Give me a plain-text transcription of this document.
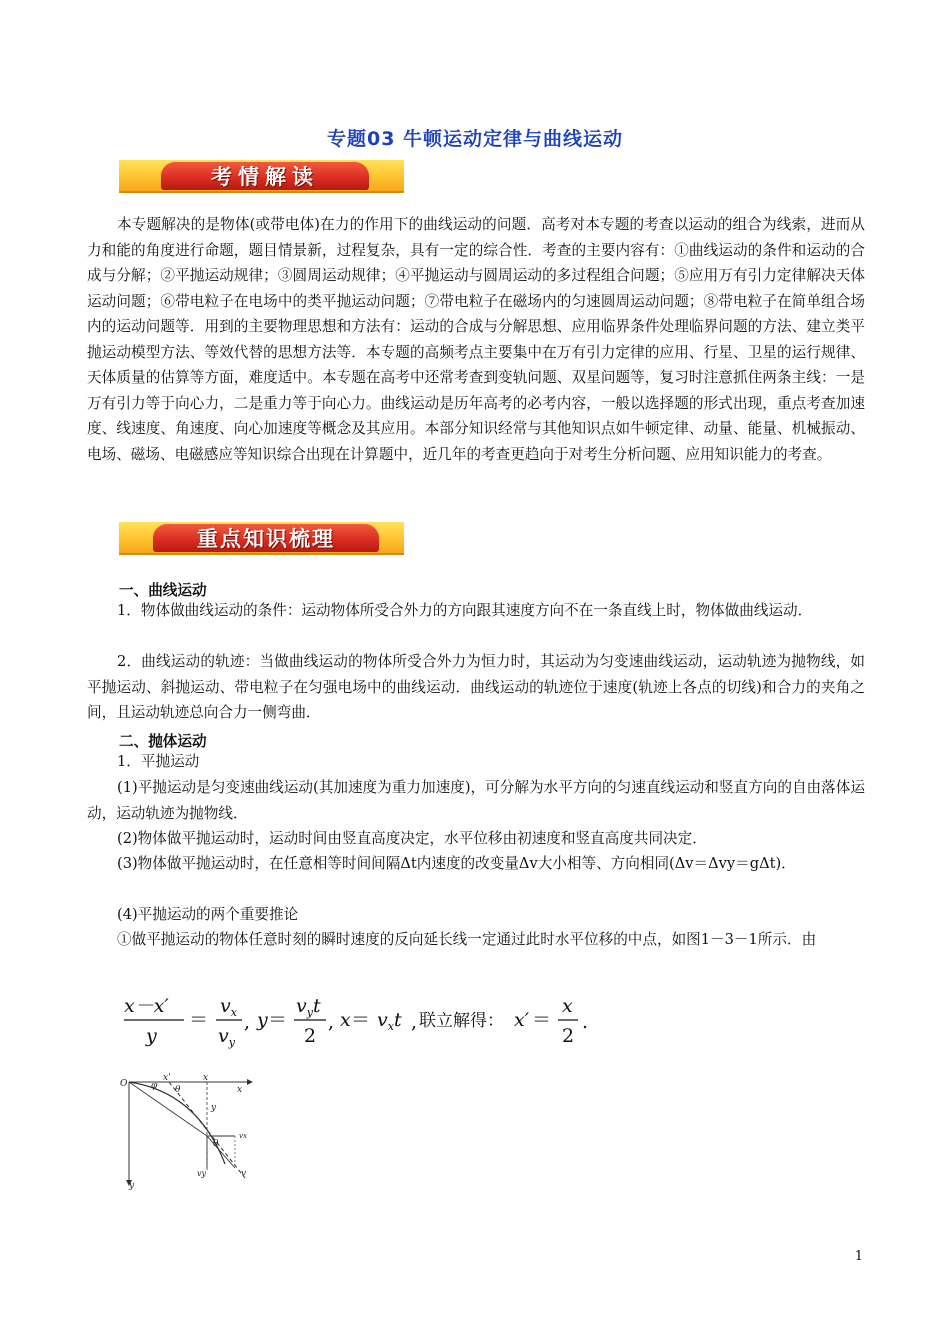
专题03 牛顿运动定律与曲线运动
考情解读

本专题解决的是物体(或带电体)在力的作用下的曲线运动的问题．高考对本专题的考查以运动的组合为线索，进而从力和能的角度进行命题，题目情景新，过程复杂，具有一定的综合性．考查的主要内容有：①曲线运动的条件和运动的合成与分解；②平抛运动规律；③圆周运动规律；④平抛运动与圆周运动的多过程组合问题；⑤应用万有引力定律解决天体运动问题；⑥带电粒子在电场中的类平抛运动问题；⑦带电粒子在磁场内的匀速圆周运动问题；⑧带电粒子在简单组合场内的运动问题等．用到的主要物理思想和方法有：运动的合成与分解思想、应用临界条件处理临界问题的方法、建立类平抛运动模型方法、等效代替的思想方法等．本专题的高频考点主要集中在万有引力定律的应用、行星、卫星的运行规律、天体质量的估算等方面，难度适中。本专题在高考中还常考查到变轨问题、双星问题等，复习时注意抓住两条主线：一是万有引力等于向心力，二是重力等于向心力。曲线运动是历年高考的必考内容，一般以选择题的形式出现，重点考查加速度、线速度、角速度、向心加速度等概念及其应用。本部分知识经常与其他知识点如牛顿定律、动量、能量、机械振动、电场、磁场、电磁感应等知识综合出现在计算题中，近几年的考查更趋向于对考生分析问题、应用知识能力的考查。

重点知识梳理
一、曲线运动

1．物体做曲线运动的条件：运动物体所受合外力的方向跟其速度方向不在一条直线上时，物体做曲线运动．

2．曲线运动的轨迹：当做曲线运动的物体所受合外力为恒力时，其运动为匀变速曲线运动，运动轨迹为抛物线，如平抛运动、斜抛运动、带电粒子在匀强电场中的曲线运动．曲线运动的轨迹位于速度(轨迹上各点的切线)和合力的夹角之间，且运动轨迹总向合力一侧弯曲．

二、抛体运动
1．平抛运动

(1)平抛运动是匀变速曲线运动(其加速度为重力加速度)，可分解为水平方向的匀速直线运动和竖直方向的自由落体运动，运动轨迹为抛物线．

(2)物体做平抛运动时，运动时间由竖直高度决定，水平位移由初速度和竖直高度共同决定．

(3)物体做平抛运动时，在任意相等时间间隔Δt内速度的改变量Δv大小相等、方向相同(Δv＝Δvy＝gΔt)．

(4)平抛运动的两个重要推论

①做平抛运动的物体任意时刻的瞬时速度的反向延长线一定通过此时水平位移的中点，如图1－3－1所示．由

x－x′
y
＝
$v_x$
$v_y$
, y ＝
$v_yt$
2
, $x = v_xt$ , 联立解得： x′ ＝
x
2
.
O
x'
φ θ
x
x
y
vx
θ
vy	v
y
1
